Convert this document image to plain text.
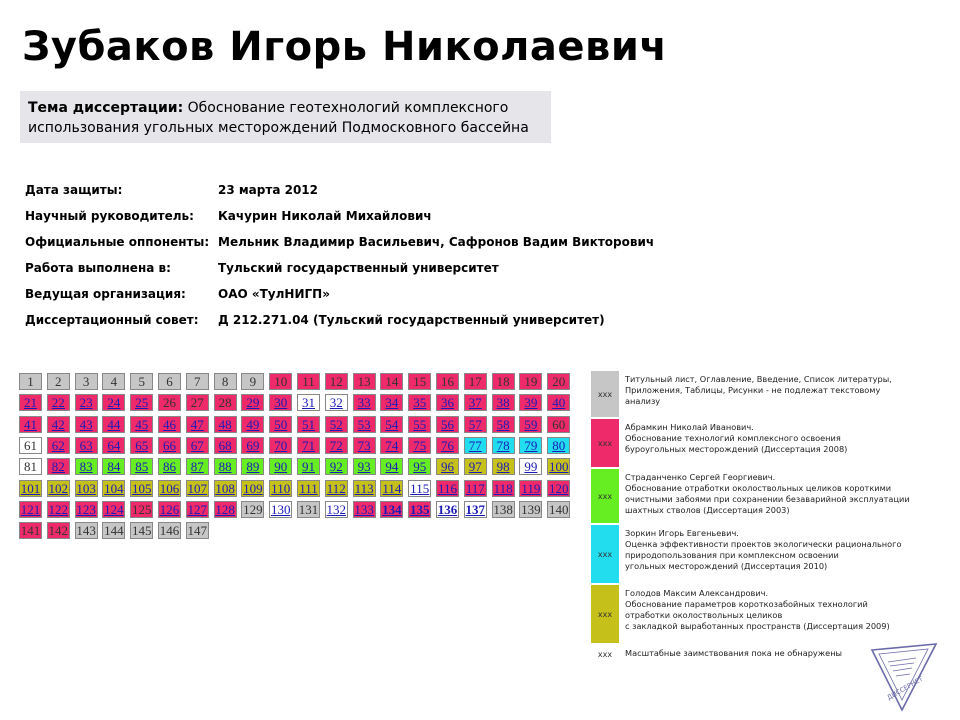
Зубаков Игорь Николаевич
Тема диссертации: Обоснование геотехнологий комплексного
использования угольных месторождений Подмосковного бассейна
Дата защиты:	23 марта 2012
Научный руководитель: Качурин Николай Михайлович
Официальные оппоненты: Мельник Владимир Васильевич, Сафронов Вадим Викторович
Работа выполнена в:	Тульский государственный университет
Ведущая организация:	ОАО «ТулНИГП»
Диссертационный совет: Д 212.271.04 (Тульский государственный университет)
1	2	3	4	5	6	7	8	9	10	11	12	13	14	15	16	17	18	19	20
21	22	23	24	25	26	27	28	29	30	31	32	33	34	35	36	37	38	39	40
41	42	43	44	45	46	47	48	49	50	51	52	53	54	55	56	57	58	59	60
61	62	63	64	65	66	67	68	69	70	71	72	73	74	75	76	77	78	79	80
81	82	83	84	85	86	87	88	89	90	91	92	93	94	95	96	97	98	99 100
101 102 103 104 105 106 107 108 109 110 111 112 113 114 115 116 117 118 119 120
121 122 123 124 125 126 127 128 129 130 131 132 133 134 135 136 137 138 139 140
141 142 143 144 145 146 147
xxx
Титульный лист, Оглавление, Введение, Список литературы,
Приложения, Таблицы, Рисунки - не подлежат текстовому
анализу
xxx
Абрамкин Николай Иванович.
Обоснование технологий комплексного освоения
буроугольных месторождений (Диссертация 2008)
xxx
Страданченко Сергей Георгиевич.
Обоснование отработки околоствольных целиков короткими
очистными забоями при сохранении безаварийной эксплуатации
шахтных стволов (Диссертация 2003)
xxx
Зоркин Игорь Евгеньевич.
Оценка эффективности проектов экологически рационального
природопользования при комплексном освоении
угольных месторождений (Диссертация 2010)
xxx
Голодов Максим Александрович.
Обоснование параметров короткозабойных технологий
отработки околоствольных целиков
с закладкой выработанных пространств (Диссертация 2009)
xxx	Масштабные заимствования пока не обнаружены
ДИССЕРНЕТ
